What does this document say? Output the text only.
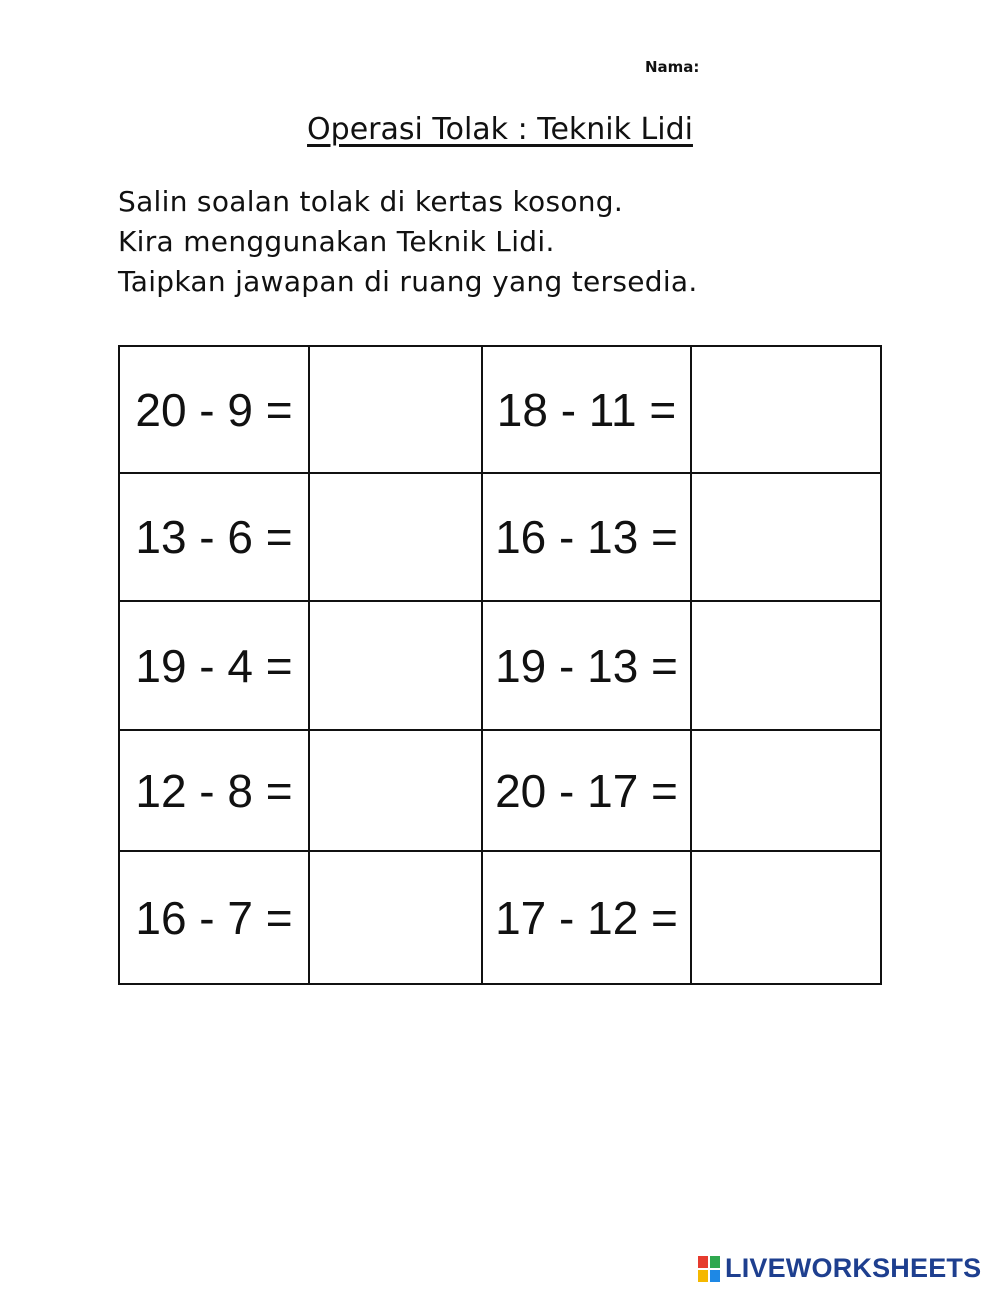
Nama:
Operasi Tolak : Teknik Lidi
Salin soalan tolak di kertas kosong.
Kira menggunakan Teknik Lidi.
Taipkan jawapan di ruang yang tersedia.
20 - 9 =		18 - 11 =	
13 - 6 =		16 - 13 =	
19 - 4 =		19 - 13 =	
12 - 8 =		20 - 17 =	
16 - 7 =		17 - 12 =	
LIVEWORKSHEETS
